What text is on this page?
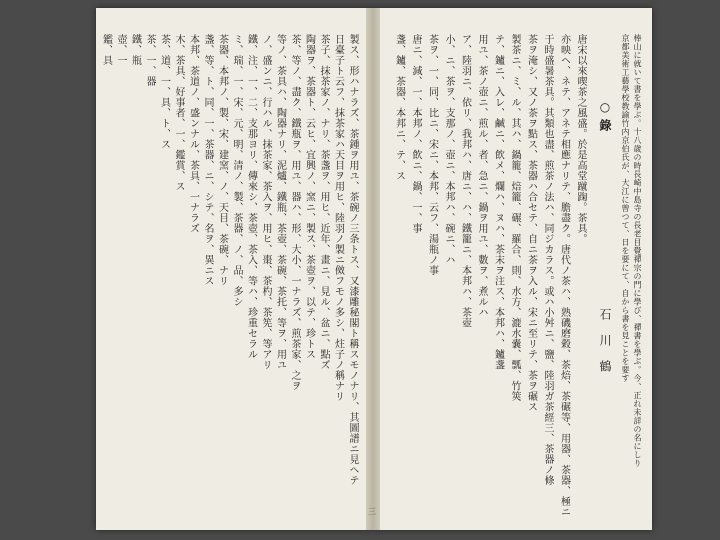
製ス、形ハナラズ、茶鍾ヲ用ユ、茶碗ノ三条トス、又漆雕秘閣ト稱スモノナリ、其圖譜ニ見ヘテ
日臺子ト云フ、抹茶家ハ天目ヲ用ヒ、陸羽ノ製ニ傚フモノ多シ、炷子ノ稱ナリ
茶子、抹茶家ノ、ナリ、茶盞ヲ、用ヒ、近年、畫ニ、見ル、盆ニ、點ズ
陶器ヲ、茶器ト、云ヒ、宜興ノ、窯ニ、製ス、茶壺ヲ、以テ、珍トス
茶、等ノ、盡ク、鐵瓶ヲ、用ユ、器ハ、形、大小、一ナラズ、煎茶家、之ヲ
等ノ、茶具ハ、陶器ナリ、泥爐、鐵瓶、茶壺、茶碗、茶托、等ヲ、用ユ
ノ、盛ンニ、行ハル、抹茶家、茶入ヲ、用ヒ、棗、茶杓、茶筅、等アリ
鐵、注、一、二、支那ヨリ、傳來シ、茶壺、茶入、等ハ、珍重セラル
ミ、瑞、一、宋、元、明、清ノ、製、茶器、ノ、品、多シ
茶器、本邦ノ、製、宋、建窯、ノ、天目、茶碗、ナリ
盞、等、ト、同、一、茶器、ニ、シテ、名ヲ、異ニス
本邦、茶道ノ、盛ンナル、茶具、一ナラズ
木、茶具、好事者、一、鑑賞、ス
茶、道、一、具、ト、ス
茶、一、器
鐵、瓶
壺、一
鑑、具	棒山に就いて書を學ぶ。十八歳の時長崎中島寺の長老目覺禪宗の門に學び、禪書を學ぶ。今、正れ未詳の名にしり
京都美術工藝學校教諭竹内京伯氏が、大江に曾つて、日を要にて、自から書を見ことを要す
○ 錄
石川鶴
唐宋以來喫茶之風盛。於是高堂蹴踘。茶具。
亦映ヘ、ネテ、アネテ相應ナリテ、膽盡ク。唐代ノ茶ハ、熟磯磨穀、茶焙、茶碾等、用器、茶器、極ニ
于時盛暑茶具。其類也盡、煎茶ノ法ハ、同ジカラス。或ハ小舛ニ、鹽、陸羽ガ茶經三、茶器ノ條
茶ヲ淹シ、又ノ茶ヲ點ス、茶器ハ合セテ、自ニ茶ヲ入ル、宋ニ至リテ、茶ヲ碾ス
製茶ニ、ミ、ル、其ハ、鍋籠、焙籠、碾、羅合、則、水方、漉水嚢、瓢、竹筴
テ、鑪ニ、入レ、鹹ニ、飲メ、爛ハ、ヌハ、茶末ヲ注ス、本邦ハ、鑪盞
用ユ、茶ノ壺ニ、煎ル、者、急ニ、鍋ヲ用ユ、數ヲ、煮ルハ
ア、陸羽ニ、依リ、我邦ハ、唐ニ、ハ、鐵籠ニ、本邦ハ、茶壺
小、ニ、茶ヲ、支那ノ、壺ニ、本邦ハ、碗ニ、ハ
茶ヲ、一、同、比ニ、宋ニ、本邦、云フ、湯瓶ノ事
唐ニ、減、一、本邦ノ、飲ニ、鍋、一、事
盞、鑪、茶器、本邦ニ、テ、ス
三
